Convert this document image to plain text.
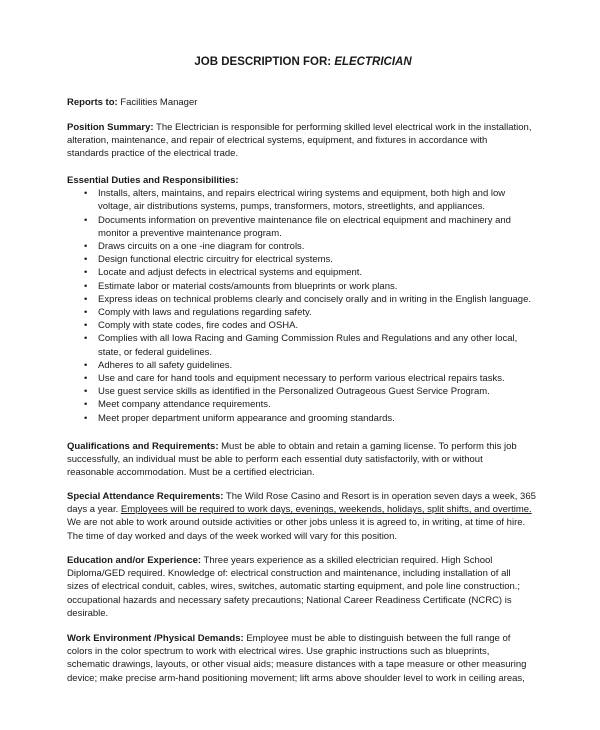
JOB DESCRIPTION FOR: ELECTRICIAN
Reports to: Facilities Manager
Position Summary: The Electrician is responsible for performing skilled level electrical work in the installation,
alteration, maintenance, and repair of electrical systems, equipment, and fixtures in accordance with
standards practice of the electrical trade.
Essential Duties and Responsibilities:
• Installs, alters, maintains, and repairs electrical wiring systems and equipment, both high and low
voltage, air distributions systems, pumps, transformers, motors, streetlights, and appliances.
• Documents information on preventive maintenance file on electrical equipment and machinery and
monitor a preventive maintenance program.
• Draws circuits on a one -ine diagram for controls.
• Design functional electric circuitry for electrical systems.
• Locate and adjust defects in electrical systems and equipment.
• Estimate labor or material costs/amounts from blueprints or work plans.
• Express ideas on technical problems clearly and concisely orally and in writing in the English language.
• Comply with laws and regulations regarding safety.
• Comply with state codes, fire codes and OSHA.
• Complies with all Iowa Racing and Gaming Commission Rules and Regulations and any other local,
state, or federal guidelines.
• Adheres to all safety guidelines.
• Use and care for hand tools and equipment necessary to perform various electrical repairs tasks.
• Use guest service skills as identified in the Personalized Outrageous Guest Service Program.
• Meet company attendance requirements.
• Meet proper department uniform appearance and grooming standards.
Qualifications and Requirements: Must be able to obtain and retain a gaming license. To perform this job
successfully, an individual must be able to perform each essential duty satisfactorily, with or without
reasonable accommodation. Must be a certified electrician.
Special Attendance Requirements: The Wild Rose Casino and Resort is in operation seven days a week, 365
days a year. Employees will be required to work days, evenings, weekends, holidays, split shifts, and overtime.
We are not able to work around outside activities or other jobs unless it is agreed to, in writing, at time of hire.
The time of day worked and days of the week worked will vary for this position.
Education and/or Experience: Three years experience as a skilled electrician required. High School
Diploma/GED required. Knowledge of: electrical construction and maintenance, including installation of all
sizes of electrical conduit, cables, wires, switches, automatic starting equipment, and pole line construction.;
occupational hazards and necessary safety precautions; National Career Readiness Certificate (NCRC) is
desirable.
Work Environment /Physical Demands: Employee must be able to distinguish between the full range of
colors in the color spectrum to work with electrical wires. Use graphic instructions such as blueprints,
schematic drawings, layouts, or other visual aids; measure distances with a tape measure or other measuring
device; make precise arm-hand positioning movement; lift arms above shoulder level to work in ceiling areas,
